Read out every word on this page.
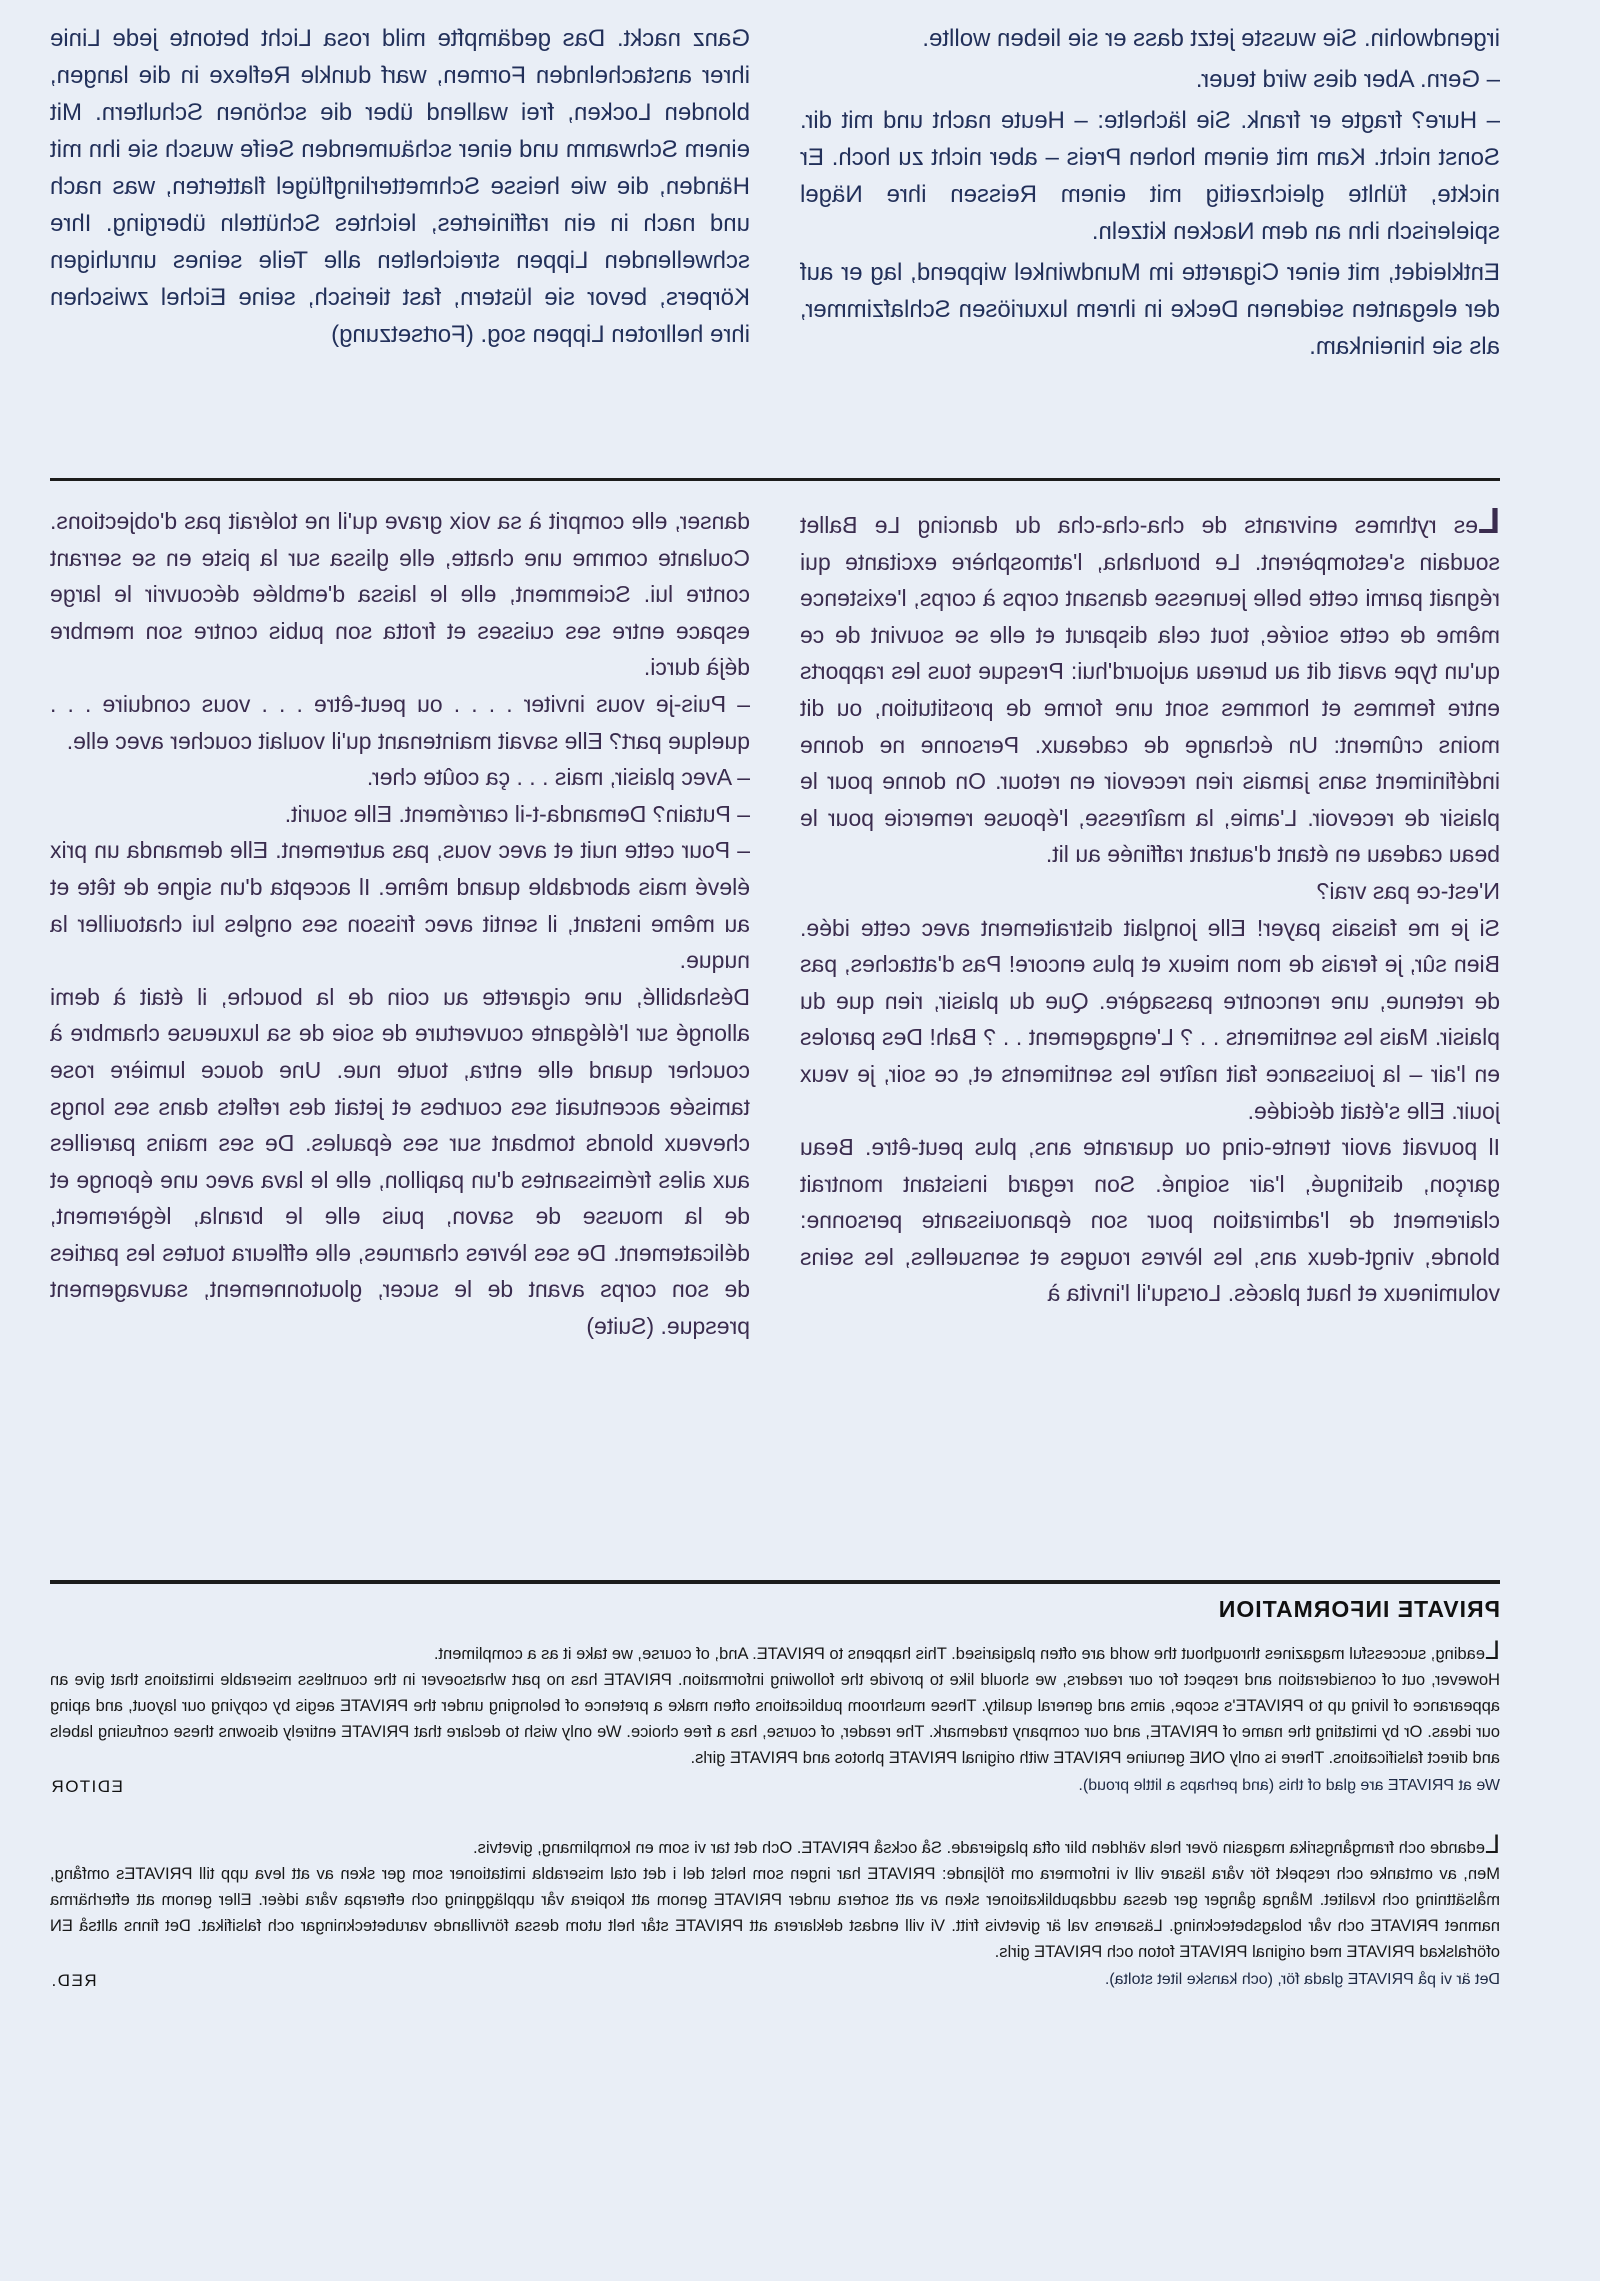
irgendwohin. Sie wusste jetzt dass er sie lieben wollte.

– Gern. Aber dies wird teuer.

– Hure? fragte er frank. Sie lächelte: – Heute nacht und mit dir. Sonst nicht. Kam mit einem hohen Preis – aber nicht zu hoch. Er nickte, fühlte gleichzeitig mit einem Reissen ihre Nägel spielerisch ihn an dem Nacken kitzeln.

Entkleidet, mit einer Cigarette im Mundwinkel wippend, lag er auf der eleganten seidenen Decke in ihrem luxuriösen Schlafzimmer, als sie hineinkam.

Ganz nackt. Das gedämpfte mild rosa Licht betonte jede Linie ihrer anstachelnden Formen, warf dunkle Reflexe in die langen, blonden Locken, frei wallend über die schönen Schultern. Mit einem Schwamm und einer schäumenden Seife wusch sie ihn mit Händen, die wie heisse Schmetterlingflügel flatterten, was nach und nach in ein raffiniertes, leichtes Schütteln überging. Ihre schwellenden Lippen streichelten alle Teile seines unruhigen Körpers, bevor sie lüstern, fast tierisch, seine Eichel zwischen ihre hellroten Lippen sog. (Fortsetzung)

Les rythmes enivrants de cha-cha-cha du dancing Le Ballet soudain s'estompèrent. Le brouhaha, l'atmosphère excitante qui régnait parmi cette belle jeunesse dansant corps à corps, l'existence même de cette soirée, tout cela disparut et elle se souvint de ce qu'un type avait dit au bureau aujourd'hui: Presque tous les rapports entre femmes et hommes sont une forme de prostitution, ou dit moins crûment: Un échange de cadeaux. Personne ne donne indéfiniment sans jamais rien recevoir en retour. On donne pour le plaisir de recevoir. L'amie, la maîtresse, l'épouse remercie pour le beau cadeau en étant d'autant raffinée au lit.

N'est-ce pas vrai?

Si je me faisais payer! Elle jonglait distraitement avec cette idée. Bien sûr, je ferais de mon mieux et plus encore! Pas d'attaches, pas de retenue, une rencontre passagère. Que du plaisir, rien que du plaisir. Mais les sentiments . . ? L'engagement . . ? Bah! Des paroles en l'air – la jouissance fait naître les sentiments et, ce soir, je veux jouir. Elle s'était décidée.

Il pouvait avoir trente-cinq ou quarante ans, plus peut-être. Beau garçon, distingué, l'air soigné. Son regard insistant montrait clairement de l'admiration pour son épanouissante personne: blonde, vingt-deux ans, les lèvres rouges et sensuelles, les seins volumineux et haut placés. Lorsqu'il l'invita à

danser, elle comprit à sa voix grave qu'il ne tolérait pas d'objections. Coulante comme une chatte, elle glissa sur la piste en se serrant contre lui. Sciemment, elle le laissa d'emblée découvrir le large espace entre ses cuisses et frotta son pubis contre son membre déjà durci.

– Puis-je vous inviter . . . . ou peut-être . . . vous conduire . . . quelque part? Elle savait maintenant qu'il voulait coucher avec elle.

– Avec plaisir, mais . . . ça coûte cher.

– Putain? Demanda-t-il carrément. Elle sourit.

– Pour cette nuit et avec vous, pas autrement. Elle demanda un prix élevé mais abordable quand même. Il accepta d'un signe de tête et au même instant, il sentit avec frisson ses ongles lui chatouiller la nuque.

Déshabillé, une cigarette au coin de la bouche, il était à demi allongé sur l'élégante couverture de soie de sa luxueuse chambre à coucher quand elle entra, toute nue. Une douce lumière rose tamisée accentuait ses courbes et jetait des reflets dans ses longs cheveux blonds tombant sur ses épaules. De ses mains pareilles aux ailes frémissantes d'un papillon, elle le lava avec une éponge et de la mousse de savon, puis elle le branla, légèrement, délicatement. De ses lèvres charnues, elle effleura toutes les parties de son corps avant de le sucer, gloutonnement, sauvagement presque. (Suite)

PRIVATE INFORMATION

Leading, successful magazines throughout the world are often plagiarised. This happens to PRIVATE. And, of course, we take it as a compliment.

However, out of consideration and respect for our readers, we should like to provide the following information. PRIVATE has no part whatsoever in the countless miserable imitations that give an appearance of living up to PRIVATE's scope, aims and general quality. These mushroom publications often make a pretence of belonging under the PRIVATE aegis by copying our layout, and aping our ideas. Or by imitating the name of PRIVATE, and our company trademark. The reader, of course, has a free choice. We only wish to declare that PRIVATE entirely disowns these confusing labels and direct falsifications. There is only ONE genuine PRIVATE with original PRIVATE photos and PRIVATE girls.

We at PRIVATE are glad of this (and perhaps a little proud).
EDITOR

Ledande och framgångsrika magasin över hela världen blir ofta plagierade. Så också PRIVATE. Och det tar vi som en komplimang, givetvis.

Men, av omtanke och respekt för våra läsare vill vi informera om följande: PRIVATE har ingen som helst del i det otal miserabla imitationer som ger sken av att leva upp till PRIVATEs omfång, målsättning och kvalitet. Många gånger ger dessa uddapublikationer sken av att sortera under PRIVATE genom att kopiera vår uppläggning och efterapa våra idéer. Eller genom att efterhärma namnet PRIVATE och vår bolagsbeteckning. Läsarens val är givetvis fritt. Vi vill endast deklarera att PRIVATE står helt utom dessa förvillande varubeteckningar och falsifikat. Det finns alltså EN oförfalskad PRIVATE med original PRIVATE foton och PRIVATE girls.

Det är vi på PRIVATE glada för, (och kanske litet stolta).
RED.
